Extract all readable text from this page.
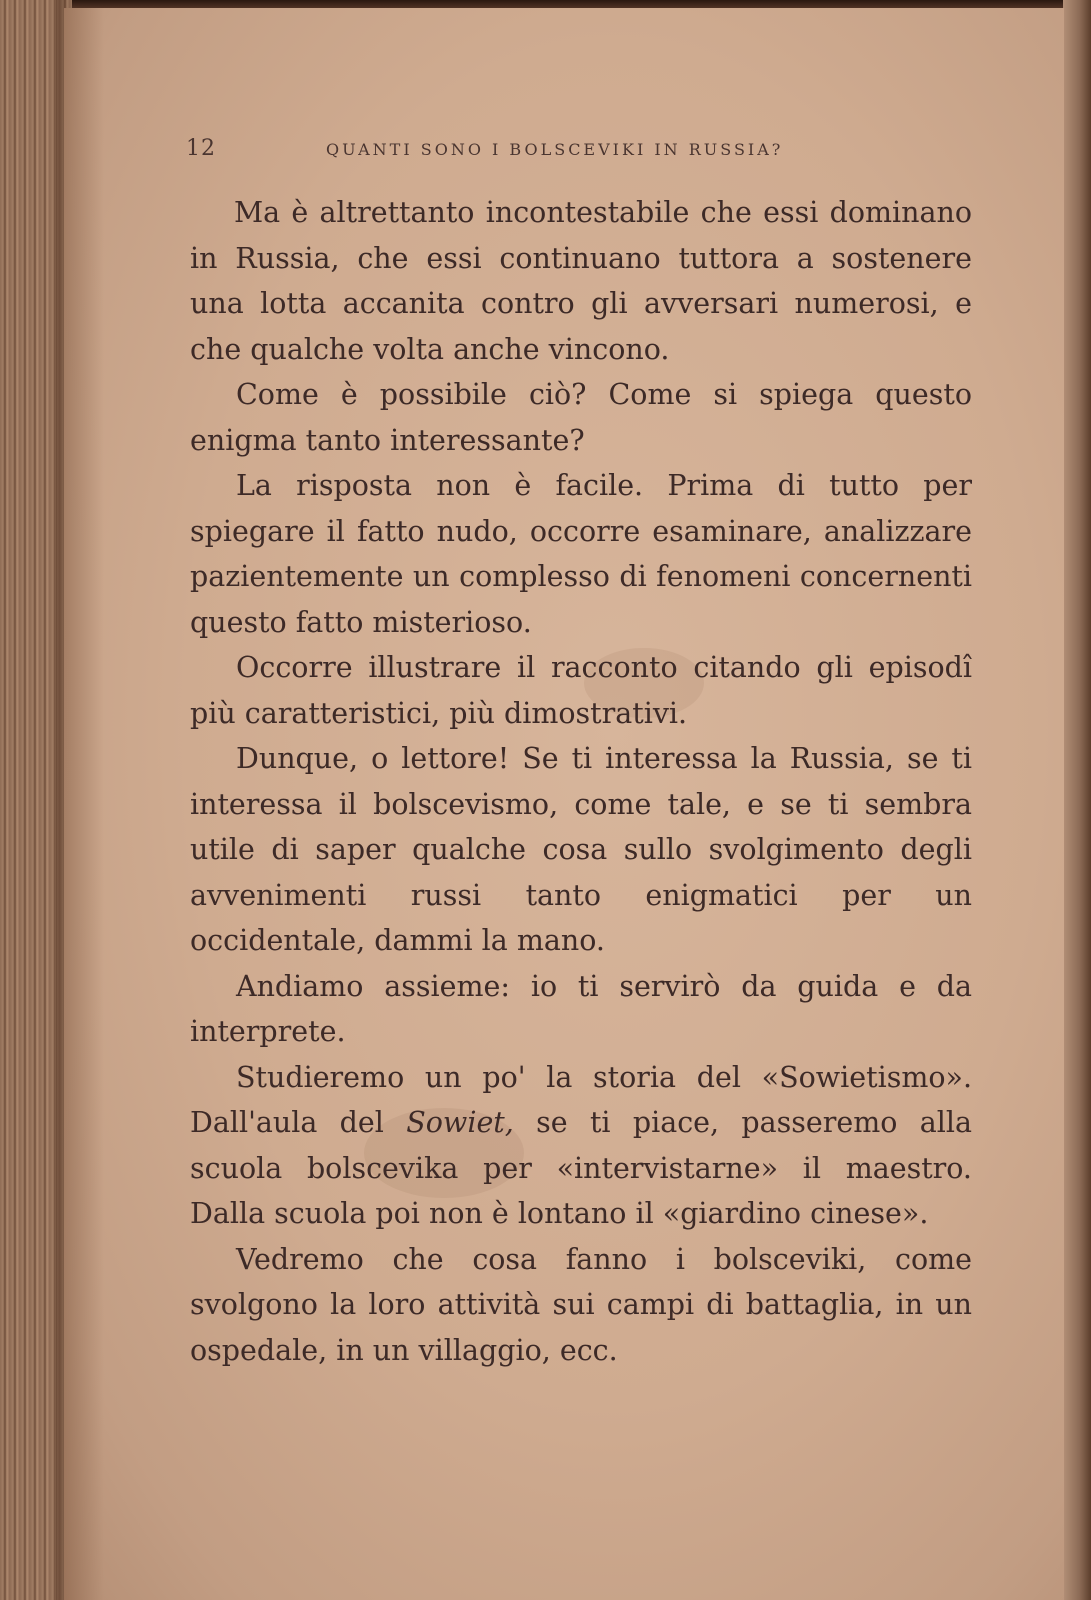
12	QUANTI SONO I BOLSCEVIKI IN RUSSIA?

Ma è altrettanto incontestabile che essi dominano in Russia, che essi continuano tuttora a sostenere una lotta accanita contro gli avversari numerosi, e che qualche volta anche vincono.

Come è possibile ciò? Come si spiega questo enigma tanto interessante?

La risposta non è facile. Prima di tutto per spiegare il fatto nudo, occorre esaminare, analizzare pazientemente un complesso di fenomeni concernenti questo fatto misterioso.

Occorre illustrare il racconto citando gli episodî più caratteristici, più dimostrativi.

Dunque, o lettore! Se ti interessa la Russia, se ti interessa il bolscevismo, come tale, e se ti sembra utile di saper qualche cosa sullo svolgimento degli avvenimenti russi tanto enigmatici per un occidentale, dammi la mano.

Andiamo assieme: io ti servirò da guida e da interprete.

Studieremo un po' la storia del «Sowietismo». Dall'aula del Sowiet, se ti piace, passeremo alla scuola bolscevika per «intervistarne» il maestro. Dalla scuola poi non è lontano il «giardino cinese».

Vedremo che cosa fanno i bolsceviki, come svolgono la loro attività sui campi di battaglia, in un ospedale, in un villaggio, ecc.
